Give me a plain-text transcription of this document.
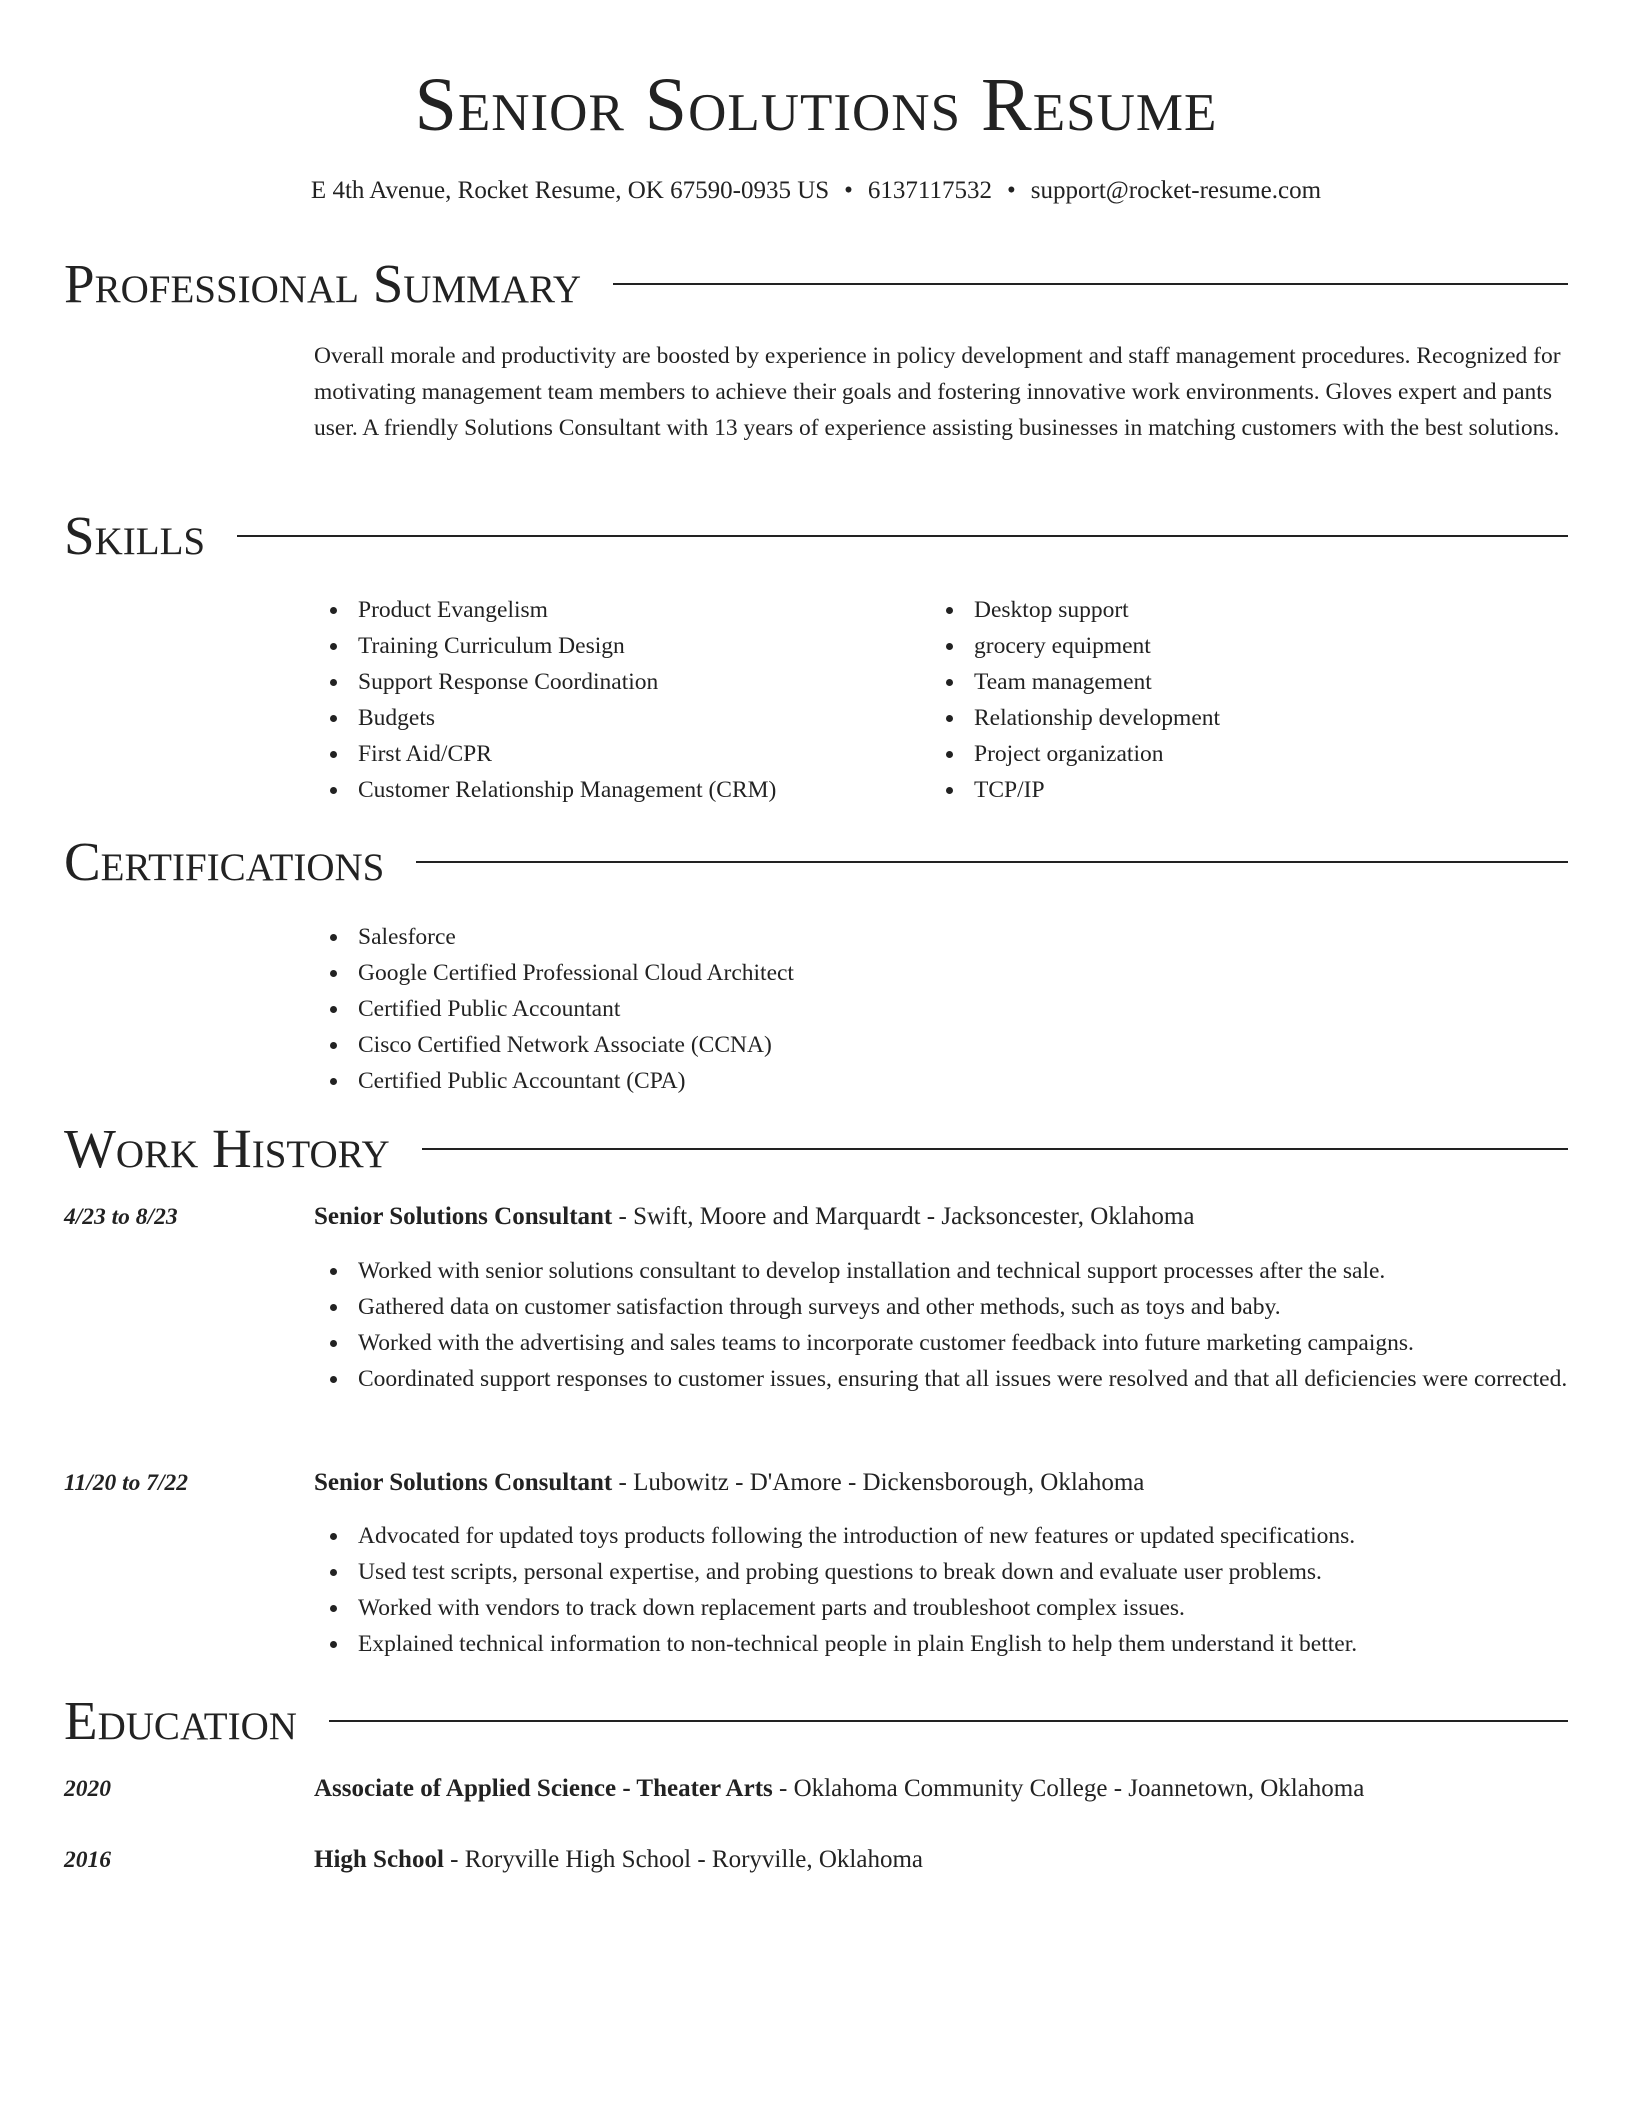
Senior Solutions Resume
E 4th Avenue, Rocket Resume, OK 67590-0935 US • 6137117532 • support@rocket-resume.com
Professional Summary
Overall morale and productivity are boosted by experience in policy development and staff management procedures. Recognized for motivating management team members to achieve their goals and fostering innovative work environments. Gloves expert and pants user. A friendly Solutions Consultant with 13 years of experience assisting businesses in matching customers with the best solutions.
Skills
Product Evangelism
Training Curriculum Design
Support Response Coordination
Budgets
First Aid/CPR
Customer Relationship Management (CRM)
Desktop support
grocery equipment
Team management
Relationship development
Project organization
TCP/IP
Certifications
Salesforce
Google Certified Professional Cloud Architect
Certified Public Accountant
Cisco Certified Network Associate (CCNA)
Certified Public Accountant (CPA)
Work History
4/23 to 8/23	Senior Solutions Consultant - Swift, Moore and Marquardt - Jacksoncester, Oklahoma
Worked with senior solutions consultant to develop installation and technical support processes after the sale.
Gathered data on customer satisfaction through surveys and other methods, such as toys and baby.
Worked with the advertising and sales teams to incorporate customer feedback into future marketing campaigns.
Coordinated support responses to customer issues, ensuring that all issues were resolved and that all deficiencies were corrected.
11/20 to 7/22	Senior Solutions Consultant - Lubowitz - D'Amore - Dickensborough, Oklahoma
Advocated for updated toys products following the introduction of new features or updated specifications.
Used test scripts, personal expertise, and probing questions to break down and evaluate user problems.
Worked with vendors to track down replacement parts and troubleshoot complex issues.
Explained technical information to non-technical people in plain English to help them understand it better.
Education
2020	Associate of Applied Science - Theater Arts - Oklahoma Community College - Joannetown, Oklahoma
2016	High School - Roryville High School - Roryville, Oklahoma
